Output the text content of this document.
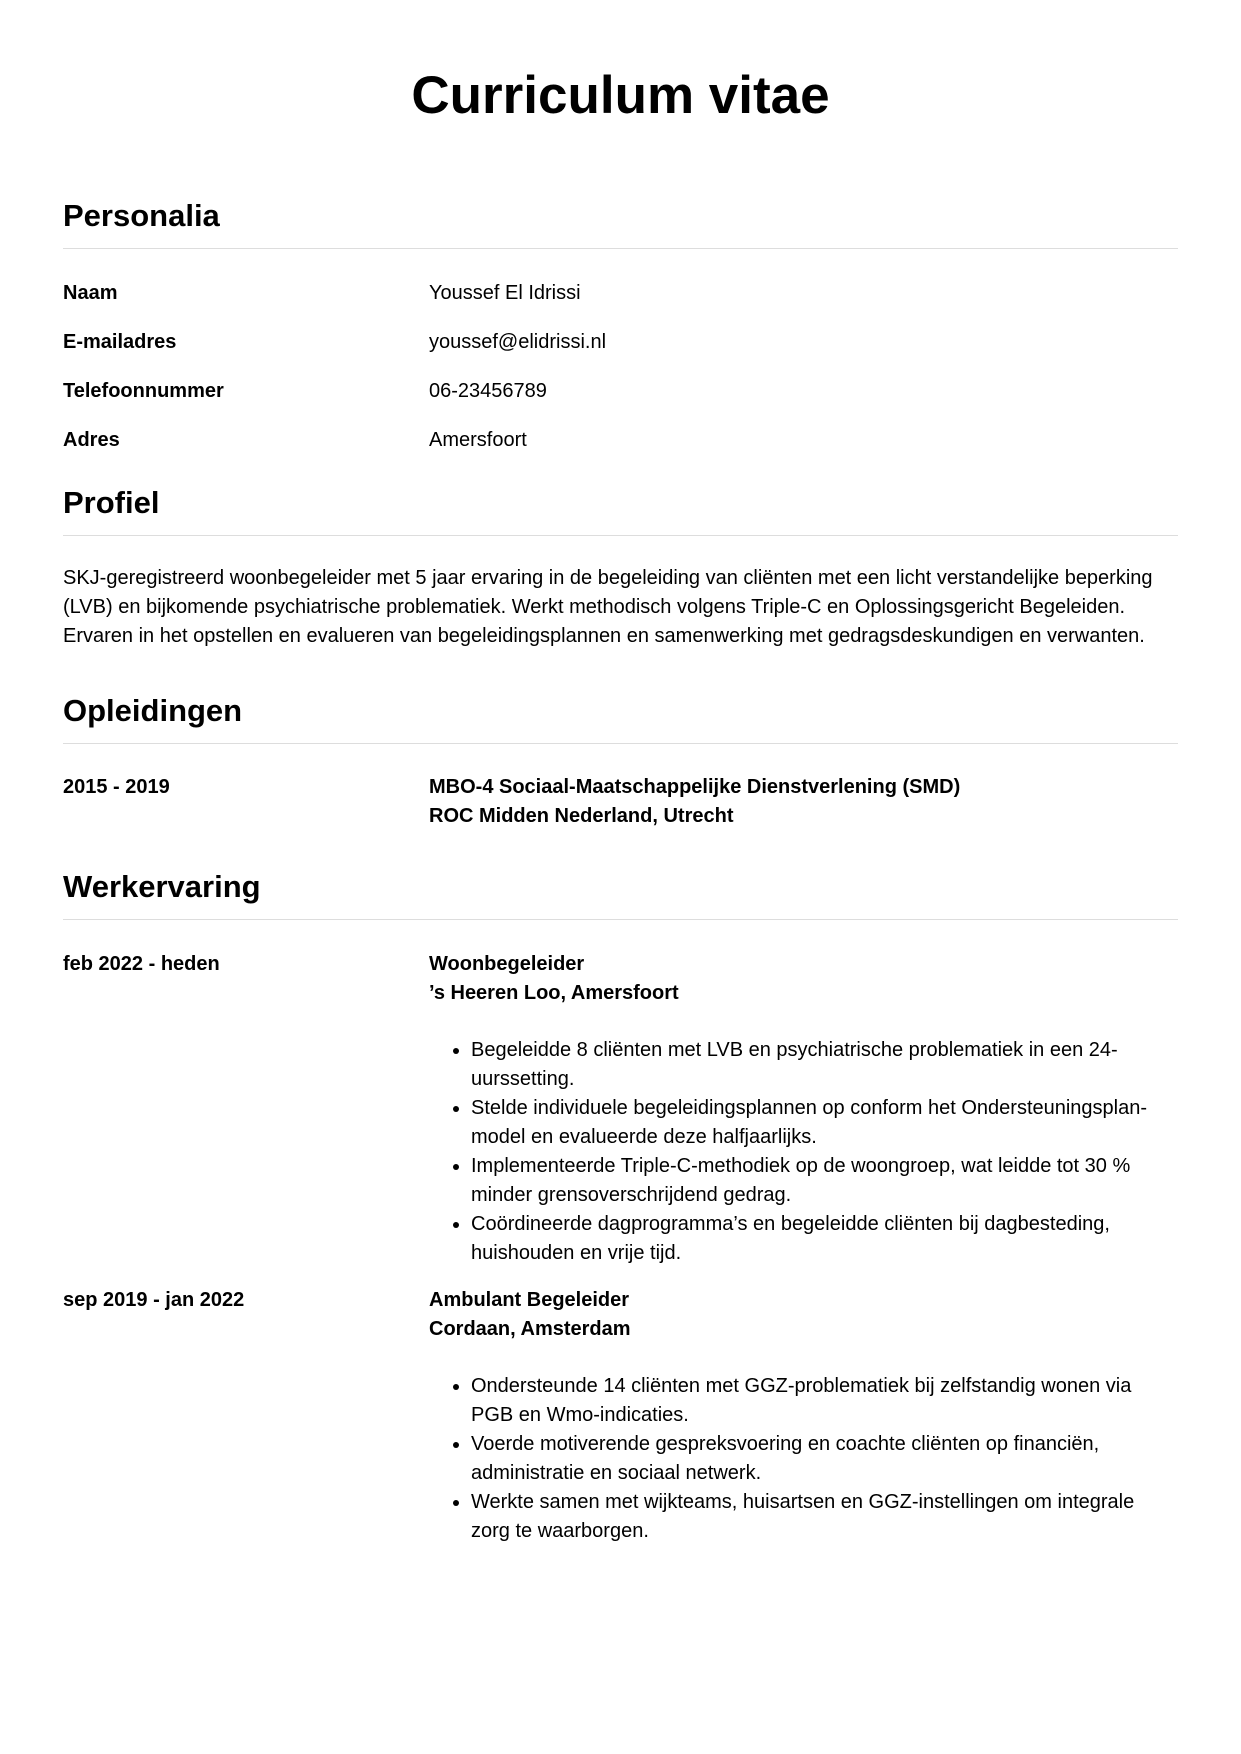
Curriculum vitae
Personalia
Naam	Youssef El Idrissi
E-mailadres	youssef@elidrissi.nl
Telefoonnummer	06-23456789
Adres	Amersfoort
Profiel

SKJ-geregistreerd woonbegeleider met 5 jaar ervaring in de begeleiding van cliënten met een licht verstandelijke beperking (LVB) en bijkomende psychiatrische problematiek. Werkt methodisch volgens Triple-C en Oplossingsgericht Begeleiden. Ervaren in het opstellen en evalueren van begeleidingsplannen en samenwerking met gedragsdeskundigen en verwanten.

Opleidingen
2015 - 2019	MBO-4 Sociaal-Maatschappelijke Dienstverlening (SMD)
ROC Midden Nederland, Utrecht
Werkervaring
feb 2022 - heden	Woonbegeleider
’s Heeren Loo, Amersfoort
• Begeleidde 8 cliënten met LVB en psychiatrische problematiek in een 24-uurssetting.
• Stelde individuele begeleidingsplannen op conform het Ondersteuningsplan-model en evalueerde deze halfjaarlijks.
• Implementeerde Triple-C-methodiek op de woongroep, wat leidde tot 30 % minder grensoverschrijdend gedrag.
• Coördineerde dagprogramma’s en begeleidde cliënten bij dagbesteding, huishouden en vrije tijd.
sep 2019 - jan 2022	Ambulant Begeleider
Cordaan, Amsterdam
• Ondersteunde 14 cliënten met GGZ-problematiek bij zelfstandig wonen via PGB en Wmo-indicaties.
• Voerde motiverende gespreksvoering en coachte cliënten op financiën, administratie en sociaal netwerk.
• Werkte samen met wijkteams, huisartsen en GGZ-instellingen om integrale zorg te waarborgen.
